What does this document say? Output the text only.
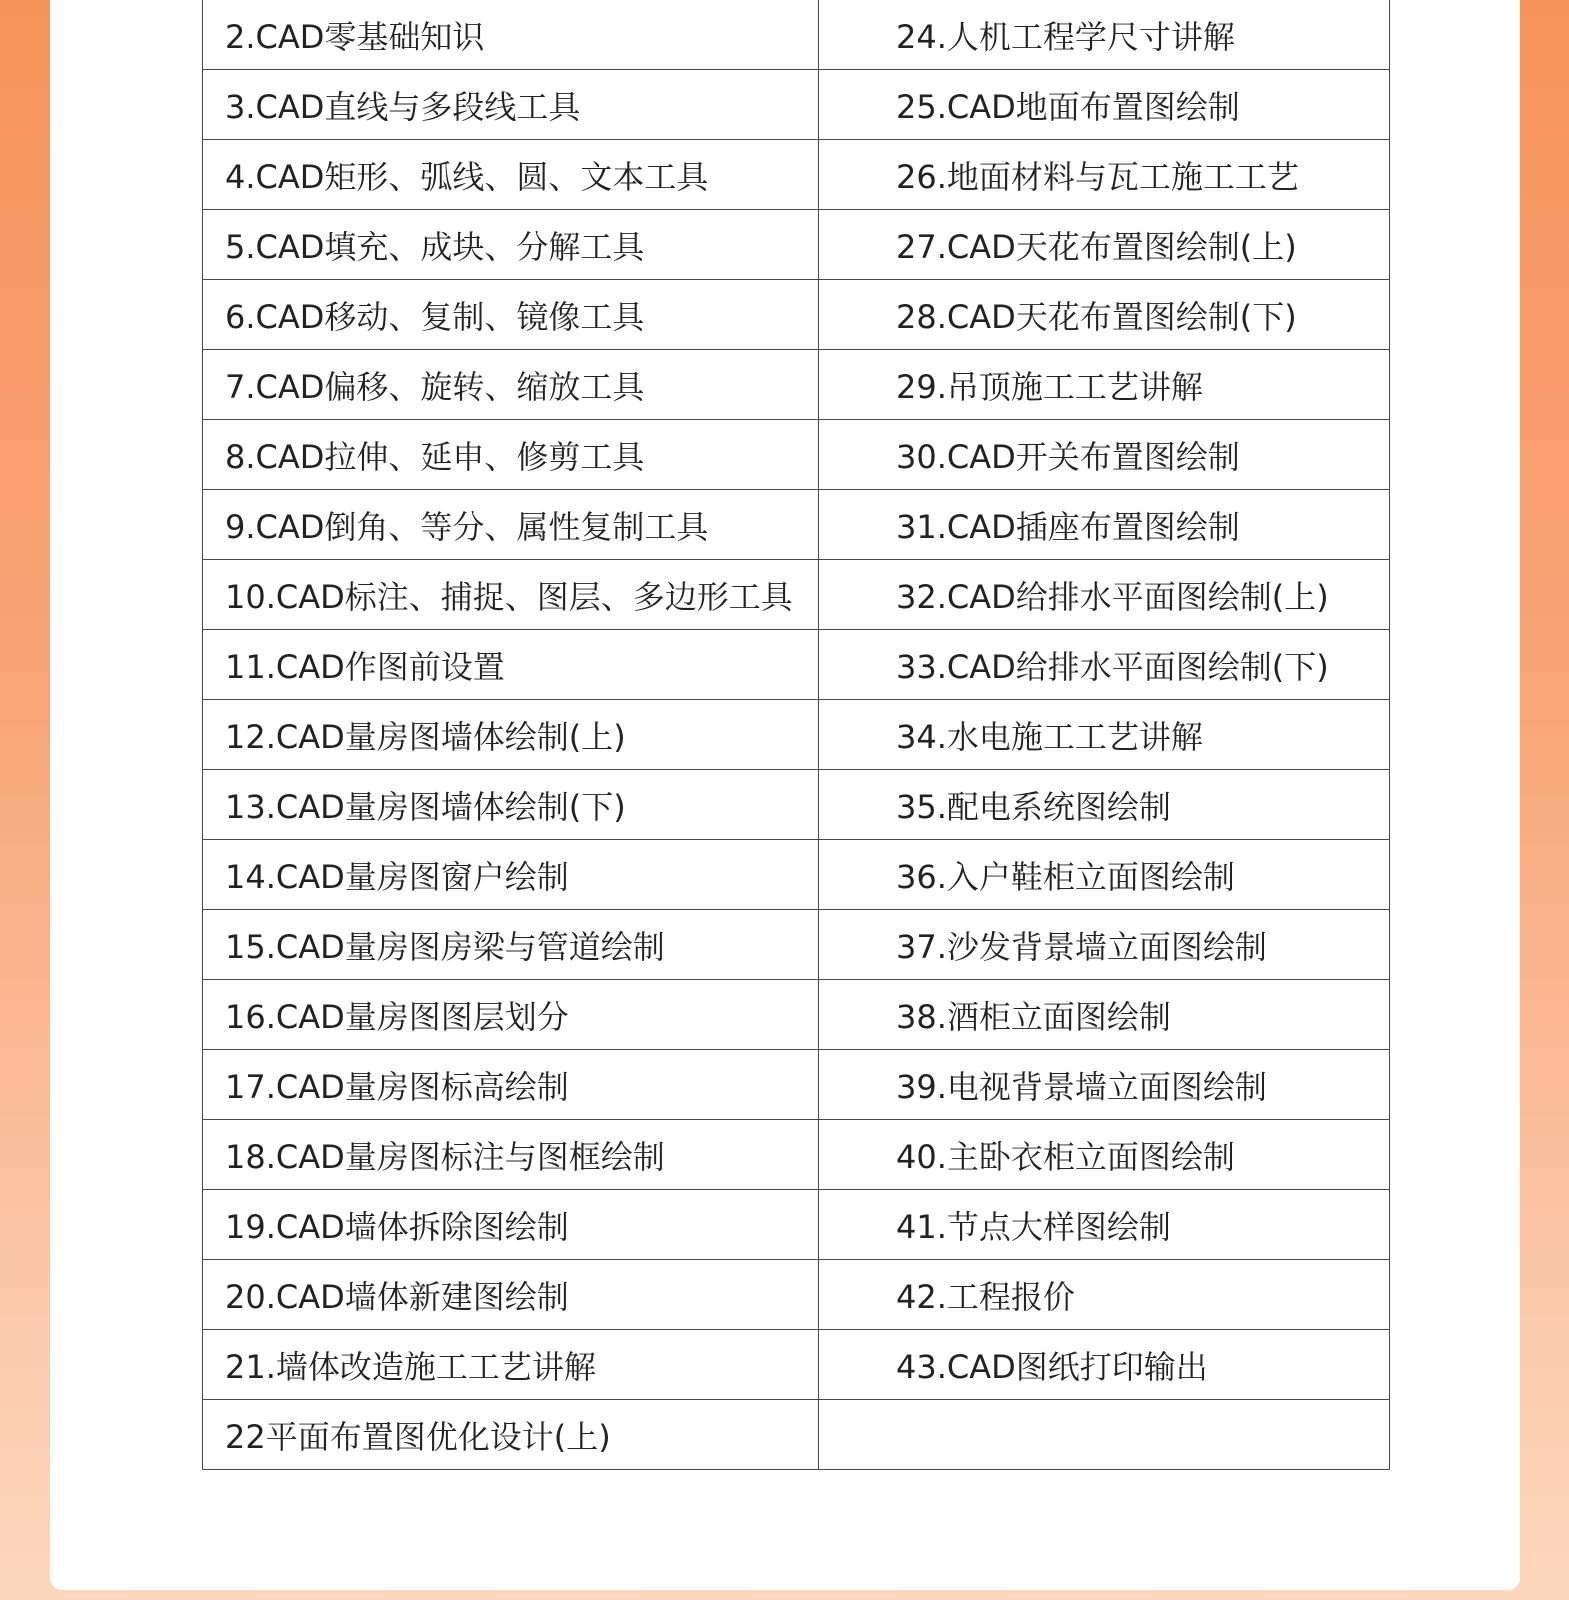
2.CAD零基础知识	24.人机工程学尺寸讲解
3.CAD直线与多段线工具	25.CAD地面布置图绘制
4.CAD矩形、弧线、圆、文本工具	26.地面材料与瓦工施工工艺
5.CAD填充、成块、分解工具	27.CAD天花布置图绘制(上)
6.CAD移动、复制、镜像工具	28.CAD天花布置图绘制(下)
7.CAD偏移、旋转、缩放工具	29.吊顶施工工艺讲解
8.CAD拉伸、延申、修剪工具	30.CAD开关布置图绘制
9.CAD倒角、等分、属性复制工具	31.CAD插座布置图绘制
10.CAD标注、捕捉、图层、多边形工具	32.CAD给排水平面图绘制(上)
11.CAD作图前设置	33.CAD给排水平面图绘制(下)
12.CAD量房图墙体绘制(上)	34.水电施工工艺讲解
13.CAD量房图墙体绘制(下)	35.配电系统图绘制
14.CAD量房图窗户绘制	36.入户鞋柜立面图绘制
15.CAD量房图房梁与管道绘制	37.沙发背景墙立面图绘制
16.CAD量房图图层划分	38.酒柜立面图绘制
17.CAD量房图标高绘制	39.电视背景墙立面图绘制
18.CAD量房图标注与图框绘制	40.主卧衣柜立面图绘制
19.CAD墙体拆除图绘制	41.节点大样图绘制
20.CAD墙体新建图绘制	42.工程报价
21.墙体改造施工工艺讲解	43.CAD图纸打印输出
22平面布置图优化设计(上)	
